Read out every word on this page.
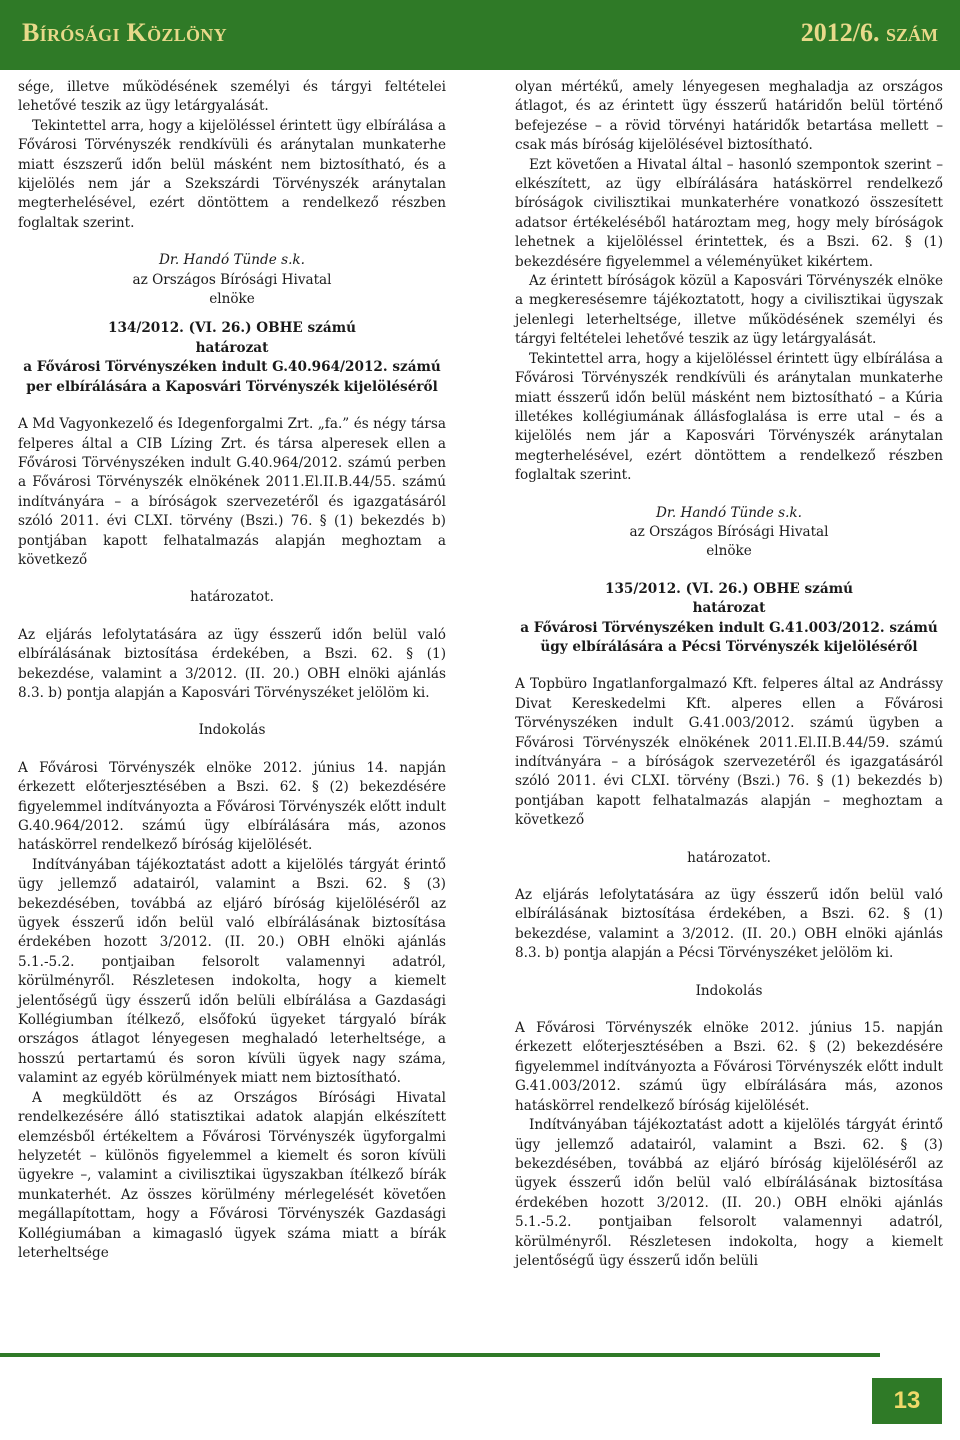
Bírósági Közlöny	2012/6. szám

sége, illetve működésének személyi és tárgyi feltételei lehetővé teszik az ügy letárgyalását.

Tekintettel arra, hogy a kijelöléssel érintett ügy elbírálása a Fővárosi Törvényszék rendkívüli és aránytalan munkaterhe miatt észszerű időn belül másként nem biztosítható, és a kijelölés nem jár a Szekszárdi Törvényszék aránytalan megterhelésével, ezért döntöttem a rendelkező részben foglaltak szerint.

Dr. Handó Tünde s.k.

az Országos Bírósági Hivatal

elnöke

134/2012. (VI. 26.) OBHE számú

határozat

a Fővárosi Törvényszéken indult G.40.964/2012. számú

per elbírálására a Kaposvári Törvényszék kijelöléséről

A Md Vagyonkezelő és Idegenforgalmi Zrt. „fa.” és négy társa felperes által a CIB Lízing Zrt. és társa alperesek ellen a Fővárosi Törvényszéken indult G.40.964/2012. számú perben a Fővárosi Törvényszék elnökének 2011.El.II.B.44/55. számú indítványára – a bíróságok szervezetéről és igazgatásáról szóló 2011. évi CLXI. törvény (Bszi.) 76. § (1) bekezdés b) pontjában kapott felhatalmazás alapján meghoztam a következő

határozatot.

Az eljárás lefolytatására az ügy ésszerű időn belül való elbírálásának biztosítása érdekében, a Bszi. 62. § (1) bekezdése, valamint a 3/2012. (II. 20.) OBH elnöki ajánlás 8.3. b) pontja alapján a Kaposvári Törvényszéket jelölöm ki.

Indokolás

A Fővárosi Törvényszék elnöke 2012. június 14. napján érkezett előterjesztésében a Bszi. 62. § (2) bekezdésére figyelemmel indítványozta a Fővárosi Törvényszék előtt indult G.40.964/2012. számú ügy elbírálására más, azonos hatáskörrel rendelkező bíróság kijelölését.

Indítványában tájékoztatást adott a kijelölés tárgyát érintő ügy jellemző adatairól, valamint a Bszi. 62. § (3) bekezdésében, továbbá az eljáró bíróság kijelöléséről az ügyek ésszerű időn belül való elbírálásának biztosítása érdekében hozott 3/2012. (II. 20.) OBH elnöki ajánlás 5.1.-5.2. pontjaiban felsorolt valamennyi adatról, körülményről. Részletesen indokolta, hogy a kiemelt jelentőségű ügy ésszerű időn belüli elbírálása a Gazdasági Kollégiumban ítélkező, elsőfokú ügyeket tárgyaló bírák országos átlagot lényegesen meghaladó leterheltsége, a hosszú pertartamú és soron kívüli ügyek nagy száma, valamint az egyéb körülmények miatt nem biztosítható.

A megküldött és az Országos Bírósági Hivatal rendelkezésére álló statisztikai adatok alapján elkészített elemzésből értékeltem a Fővárosi Törvényszék ügyforgalmi helyzetét – különös figyelemmel a kiemelt és soron kívüli ügyekre –, valamint a civilisztikai ügyszakban ítélkező bírák munkaterhét. Az összes körülmény mérlegelését követően megállapítottam, hogy a Fővárosi Törvényszék Gazdasági Kollégiumában a kimagasló ügyek száma miatt a bírák leterheltsége

olyan mértékű, amely lényegesen meghaladja az országos átlagot, és az érintett ügy ésszerű határidőn belül történő befejezése – a rövid törvényi határidők betartása mellett – csak más bíróság kijelölésével biztosítható.

Ezt követően a Hivatal által – hasonló szempontok szerint – elkészített, az ügy elbírálására hatáskörrel rendelkező bíróságok civilisztikai munkaterhére vonatkozó összesített adatsor értékeléséből határoztam meg, hogy mely bíróságok lehetnek a kijelöléssel érintettek, és a Bszi. 62. § (1) bekezdésére figyelemmel a véleményüket kikértem.

Az érintett bíróságok közül a Kaposvári Törvényszék elnöke a megkeresésemre tájékoztatott, hogy a civilisztikai ügyszak jelenlegi leterheltsége, illetve működésének személyi és tárgyi feltételei lehetővé teszik az ügy letárgyalását.

Tekintettel arra, hogy a kijelöléssel érintett ügy elbírálása a Fővárosi Törvényszék rendkívüli és aránytalan munkaterhe miatt ésszerű időn belül másként nem biztosítható – a Kúria illetékes kollégiumának állásfoglalása is erre utal – és a kijelölés nem jár a Kaposvári Törvényszék aránytalan megterhelésével, ezért döntöttem a rendelkező részben foglaltak szerint.

Dr. Handó Tünde s.k.

az Országos Bírósági Hivatal

elnöke

135/2012. (VI. 26.) OBHE számú

határozat

a Fővárosi Törvényszéken indult G.41.003/2012. számú

ügy elbírálására a Pécsi Törvényszék kijelöléséről

A Topbüro Ingatlanforgalmazó Kft. felperes által az Andrássy Divat Kereskedelmi Kft. alperes ellen a Fővárosi Törvényszéken indult G.41.003/2012. számú ügyben a Fővárosi Törvényszék elnökének 2011.El.II.B.44/59. számú indítványára – a bíróságok szervezetéről és igazgatásáról szóló 2011. évi CLXI. törvény (Bszi.) 76. § (1) bekezdés b) pontjában kapott felhatalmazás alapján – meghoztam a következő

határozatot.

Az eljárás lefolytatására az ügy ésszerű időn belül való elbírálásának biztosítása érdekében, a Bszi. 62. § (1) bekezdése, valamint a 3/2012. (II. 20.) OBH elnöki ajánlás 8.3. b) pontja alapján a Pécsi Törvényszéket jelölöm ki.

Indokolás

A Fővárosi Törvényszék elnöke 2012. június 15. napján érkezett előterjesztésében a Bszi. 62. § (2) bekezdésére figyelemmel indítványozta a Fővárosi Törvényszék előtt indult G.41.003/2012. számú ügy elbírálására más, azonos hatáskörrel rendelkező bíróság kijelölését.

Indítványában tájékoztatást adott a kijelölés tárgyát érintő ügy jellemző adatairól, valamint a Bszi. 62. § (3) bekezdésében, továbbá az eljáró bíróság kijelöléséről az ügyek ésszerű időn belül való elbírálásának biztosítása érdekében hozott 3/2012. (II. 20.) OBH elnöki ajánlás 5.1.-5.2. pontjaiban felsorolt valamennyi adatról, körülményről. Részletesen indokolta, hogy a kiemelt jelentőségű ügy ésszerű időn belüli

13
